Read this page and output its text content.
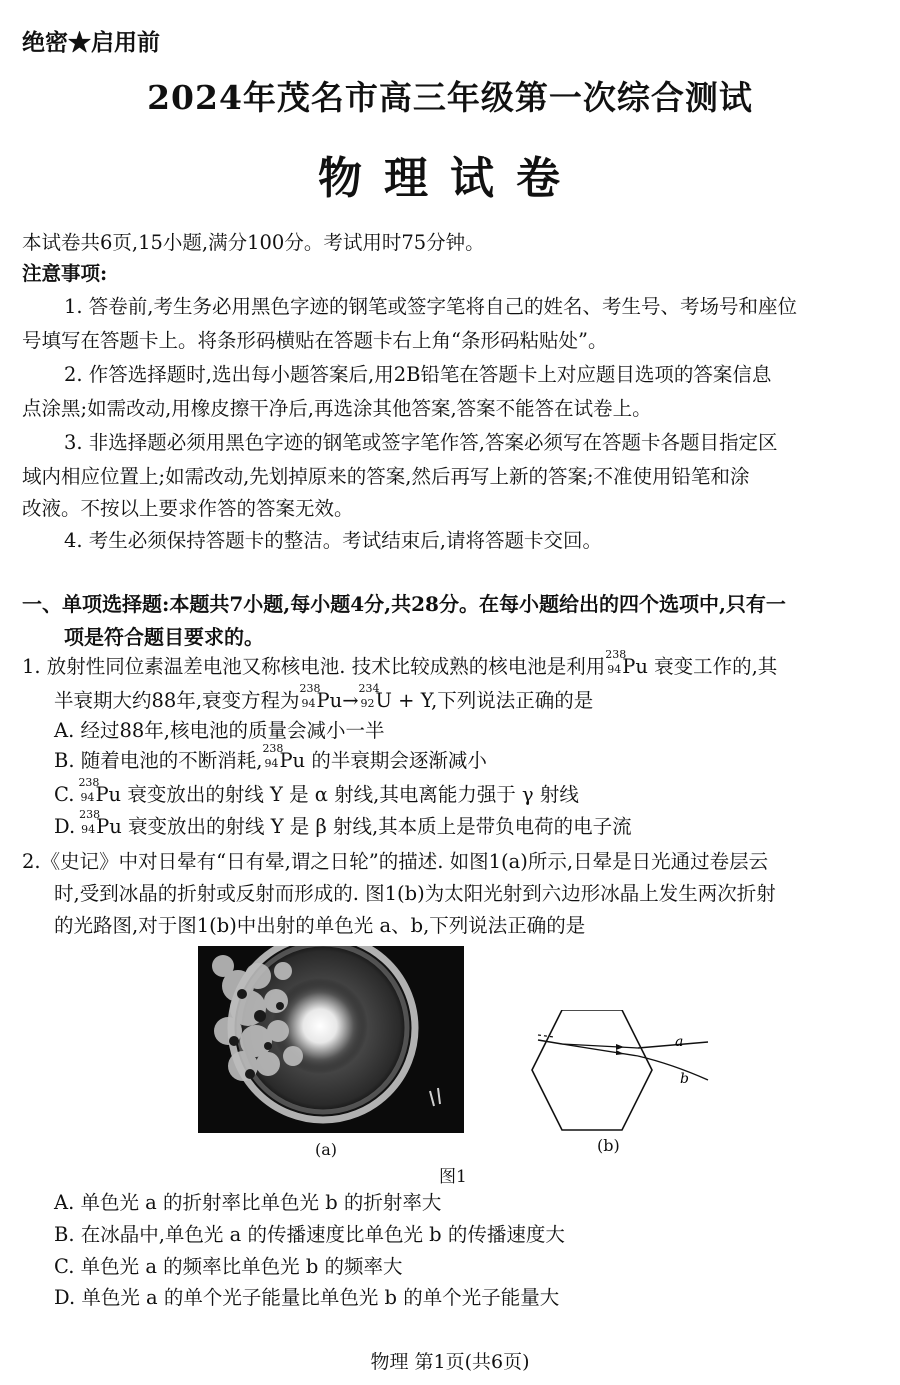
绝密★启用前
2024年茂名市高三年级第一次综合测试
物理试卷
本试卷共6页,15小题,满分100分。考试用时75分钟。
注意事项:
1. 答卷前,考生务必用黑色字迹的钢笔或签字笔将自己的姓名、考生号、考场号和座位
号填写在答题卡上。将条形码横贴在答题卡右上角“条形码粘贴处”。
2. 作答选择题时,选出每小题答案后,用2B铅笔在答题卡上对应题目选项的答案信息
点涂黑;如需改动,用橡皮擦干净后,再选涂其他答案,答案不能答在试卷上。
3. 非选择题必须用黑色字迹的钢笔或签字笔作答,答案必须写在答题卡各题目指定区
域内相应位置上;如需改动,先划掉原来的答案,然后再写上新的答案;不准使用铅笔和涂
改液。不按以上要求作答的答案无效。
4. 考生必须保持答题卡的整洁。考试结束后,请将答题卡交回。
一、单项选择题:本题共7小题,每小题4分,共28分。在每小题给出的四个选项中,只有一
项是符合题目要求的。
1. 放射性同位素温差电池又称核电池. 技术比较成熟的核电池是利用
238
94 Pu 衰变工作的,其
半衰期大约88年,衰变方程为
238
94 Pu→
234
92 U + Y,下列说法正确的是
A. 经过88年,核电池的质量会减小一半
B. 随着电池的不断消耗,
238
94 Pu 的半衰期会逐渐减小
C.
238
94 Pu 衰变放出的射线 Y 是 α 射线,其电离能力强于 γ 射线
D.
238
94 Pu 衰变放出的射线 Y 是 β 射线,其本质上是带负电荷的电子流
2.《史记》中对日晕有“日有晕,谓之日轮”的描述. 如图1(a)所示,日晕是日光通过卷层云
时,受到冰晶的折射或反射而形成的. 图1(b)为太阳光射到六边形冰晶上发生两次折射
的光路图,对于图1(b)中出射的单色光 a、b,下列说法正确的是
(a)
a
b
(b)
图1
A. 单色光 a 的折射率比单色光 b 的折射率大
B. 在冰晶中,单色光 a 的传播速度比单色光 b 的传播速度大
C. 单色光 a 的频率比单色光 b 的频率大
D. 单色光 a 的单个光子能量比单色光 b 的单个光子能量大
物理 第1页(共6页)
